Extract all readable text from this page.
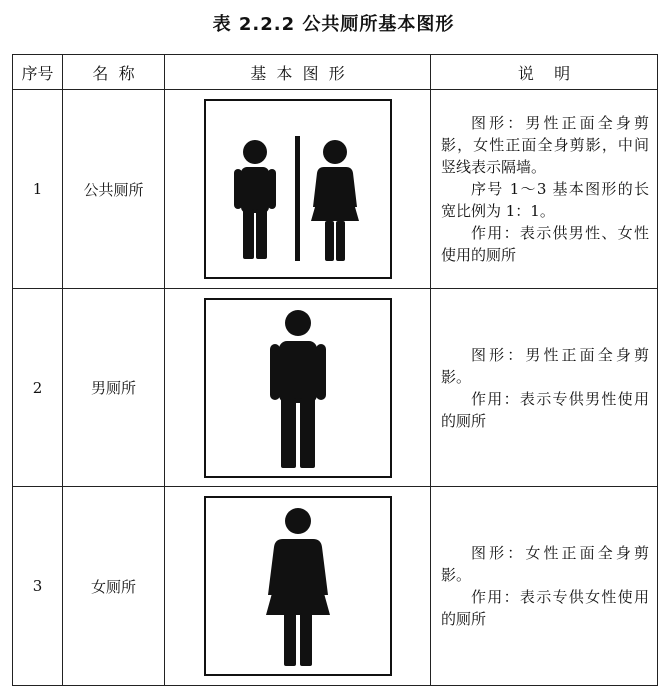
表 2.2.2 公共厕所基本图形
序号	名  称	基  本  图  形	说    明
1	公共厕所		图形：男性正面全身剪影，女性正面全身剪影，中间竖线表示隔墙。

序号 1～3 基本图形的长宽比例为 1：1。

作用：表示供男性、女性使用的厕所

2	男厕所		图形：男性正面全身剪影。

作用：表示专供男性使用的厕所

3	女厕所		图形：女性正面全身剪影。

作用：表示专供女性使用的厕所
